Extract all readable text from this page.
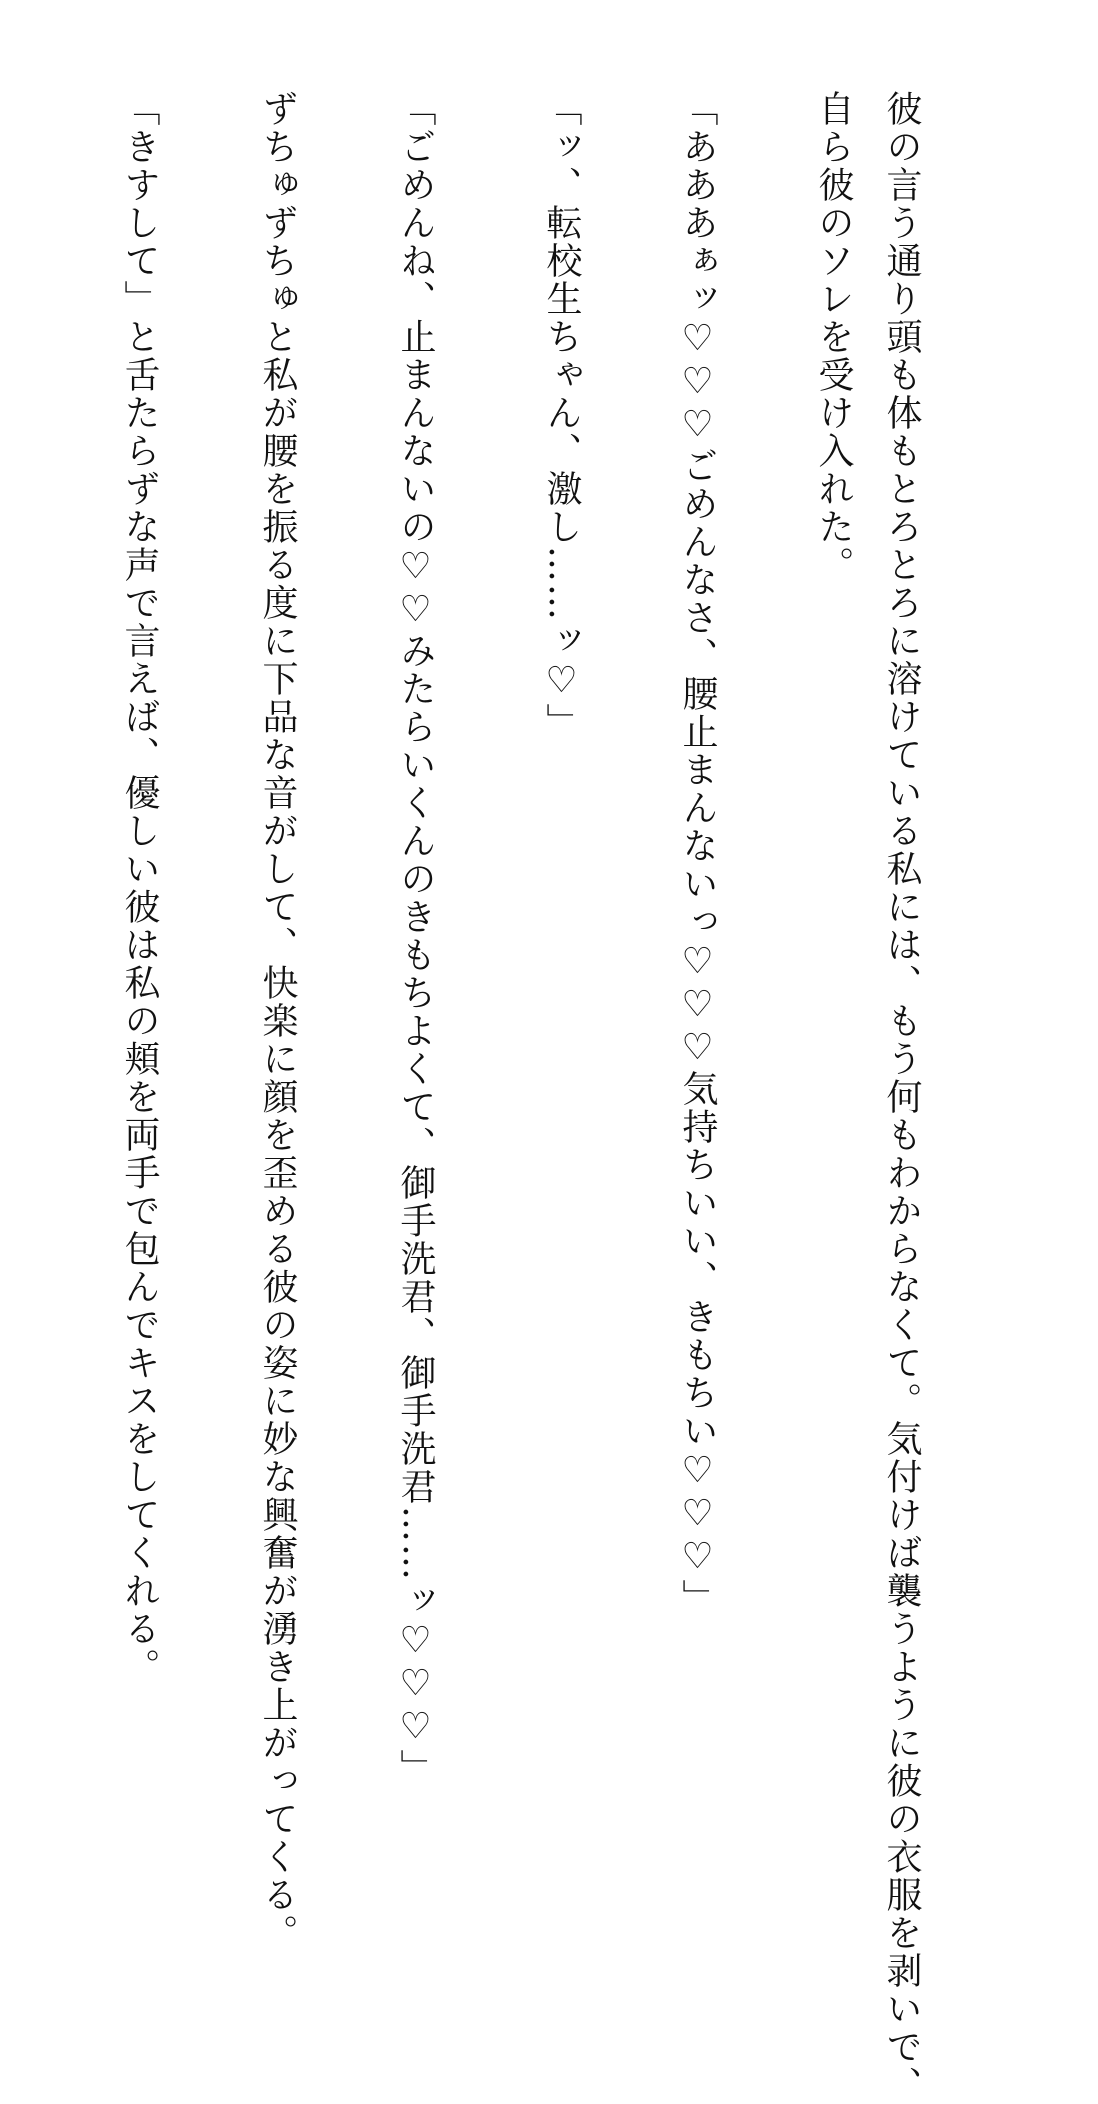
彼の言う通り頭も体もとろとろに溶けている私には、もう何もわからなくて。気付けば襲うように彼の衣服を剥いで、

自ら彼のソレを受け入れた。

「あああぁッ♡♡♡ごめんなさ、腰止まんないっ♡♡♡気持ちいい、きもちい♡♡♡」

「ッ、転校生ちゃん、激し……ッ♡」

「ごめんね、止まんないの♡♡みたらいくんのきもちよくて、御手洗君、御手洗君……ッ♡♡♡」

ずちゅずちゅと私が腰を振る度に下品な音がして、快楽に顔を歪める彼の姿に妙な興奮が湧き上がってくる。

「きすして」と舌たらずな声で言えば、優しい彼は私の頬を両手で包んでキスをしてくれる。
